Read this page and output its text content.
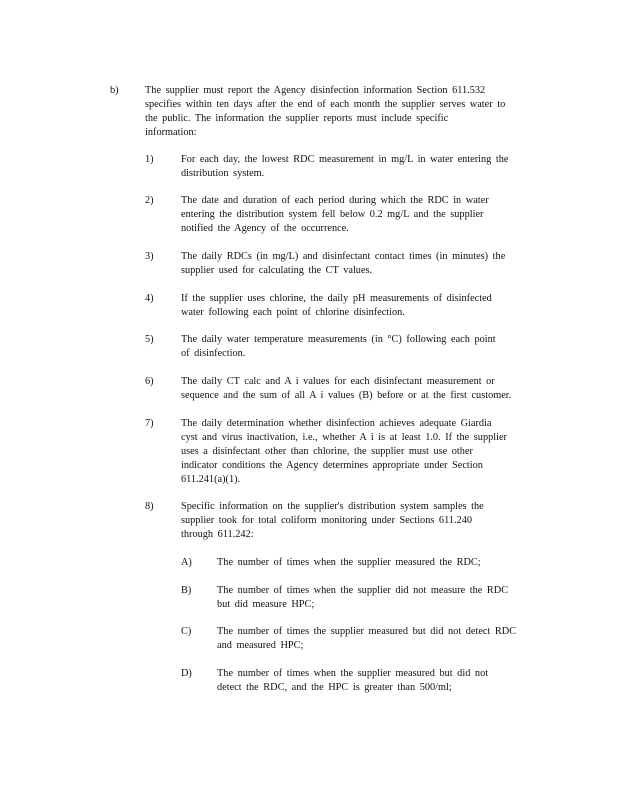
b)	The supplier must report the Agency disinfection information Section 611.532
specifies within ten days after the end of each month the supplier serves water to
the public. The information the supplier reports must include specific
information:
1)	For each day, the lowest RDC measurement in mg/L in water entering the
distribution system.
2)	The date and duration of each period during which the RDC in water
entering the distribution system fell below 0.2 mg/L and the supplier
notified the Agency of the occurrence.
3)	The daily RDCs (in mg/L) and disinfectant contact times (in minutes) the
supplier used for calculating the CT values.
4)	If the supplier uses chlorine, the daily pH measurements of disinfected
water following each point of chlorine disinfection.
5)	The daily water temperature measurements (in °C) following each point
of disinfection.
6)	The daily CT calc and A i values for each disinfectant measurement or
sequence and the sum of all A i values (B) before or at the first customer.
7)	The daily determination whether disinfection achieves adequate Giardia
cyst and virus inactivation, i.e., whether A i is at least 1.0. If the supplier
uses a disinfectant other than chlorine, the supplier must use other
indicator conditions the Agency determines appropriate under Section
611.241(a)(1).
8)	Specific information on the supplier's distribution system samples the
supplier took for total coliform monitoring under Sections 611.240
through 611.242:
A) The number of times when the supplier measured the RDC;
B) The number of times when the supplier did not measure the RDC
but did measure HPC;
C) The number of times the supplier measured but did not detect RDC
and measured HPC;
D) The number of times when the supplier measured but did not
detect the RDC, and the HPC is greater than 500/ml;
